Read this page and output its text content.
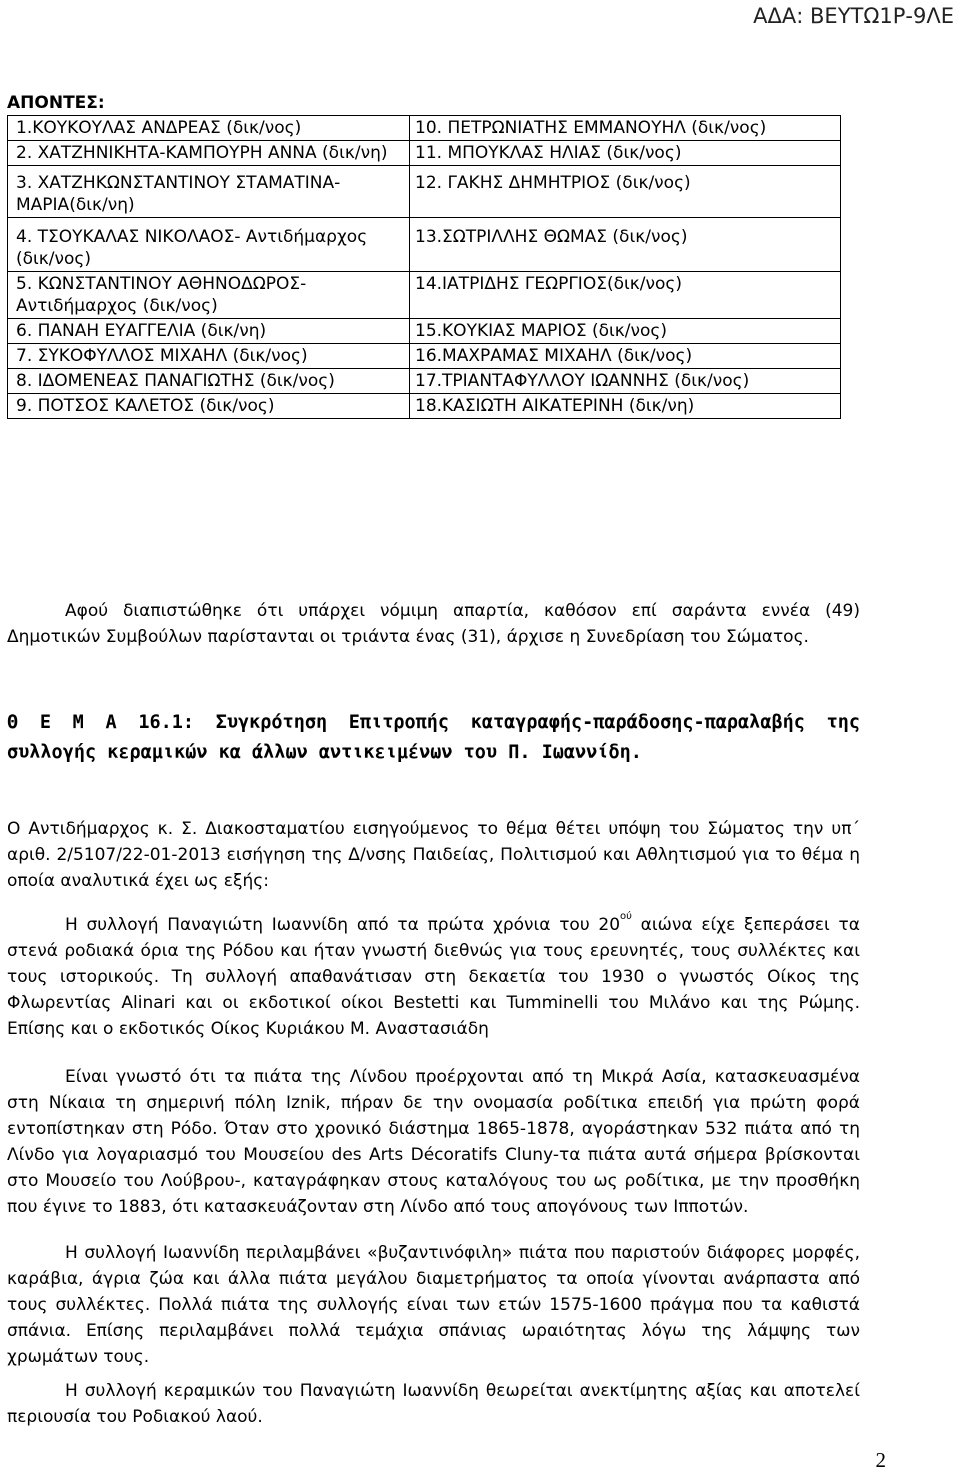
ΑΔΑ: ΒΕΥΤΩ1Ρ-9ΛΕ
ΑΠΟΝΤΕΣ:
1.ΚΟΥΚΟΥΛΑΣ ΑΝΔΡΕΑΣ (δικ/νος)	10. ΠΕΤΡΩΝΙΑΤΗΣ ΕΜΜΑΝΟΥΗΛ (δικ/νος)
2. ΧΑΤΖΗΝΙΚΗΤΑ-ΚΑΜΠΟΥΡΗ ΑΝΝΑ (δικ/νη)	11. ΜΠΟΥΚΛΑΣ ΗΛΙΑΣ (δικ/νος)
3. ΧΑΤΖΗΚΩΝΣΤΑΝΤΙΝΟΥ ΣΤΑΜΑΤΙΝΑ-ΜΑΡΙΑ(δικ/νη)	12. ΓΑΚΗΣ ΔΗΜΗΤΡΙΟΣ (δικ/νος)
4. ΤΣΟΥΚΑΛΑΣ ΝΙΚΟΛΑΟΣ- Αντιδήμαρχος (δικ/νος)	13.ΣΩΤΡΙΛΛΗΣ ΘΩΜΑΣ (δικ/νος)
5. ΚΩΝΣΤΑΝΤΙΝΟΥ ΑΘΗΝΟΔΩΡΟΣ- Αντιδήμαρχος (δικ/νος)	14.ΙΑΤΡΙΔΗΣ ΓΕΩΡΓΙΟΣ(δικ/νος)
6. ΠΑΝΑΗ ΕΥΑΓΓΕΛΙΑ (δικ/νη)	15.ΚΟΥΚΙΑΣ ΜΑΡΙΟΣ (δικ/νος)
7. ΣΥΚΟΦΥΛΛΟΣ ΜΙΧΑΗΛ (δικ/νος)	16.ΜΑΧΡΑΜΑΣ ΜΙΧΑΗΛ (δικ/νος)
8. ΙΔΟΜΕΝΕΑΣ ΠΑΝΑΓΙΩΤΗΣ (δικ/νος)	17.ΤΡΙΑΝΤΑΦΥΛΛΟΥ ΙΩΑΝΝΗΣ (δικ/νος)
9. ΠΟΤΣΟΣ ΚΑΛΕΤΟΣ (δικ/νος)	18.ΚΑΣΙΩΤΗ ΑΙΚΑΤΕΡΙΝΗ (δικ/νη)
Αφού διαπιστώθηκε ότι υπάρχει νόμιμη απαρτία, καθόσον επί σαράντα εννέα (49) Δημοτικών Συμβούλων παρίστανται οι τριάντα ένας (31), άρχισε η Συνεδρίαση του Σώματος.
Θ Ε Μ Α 16.1: Συγκρότηση Επιτροπής καταγραφής-παράδοσης-παραλαβής της συλλογής κεραμικών κα άλλων αντικειμένων του Π. Ιωαννίδη.
Ο Αντιδήμαρχος κ. Σ. Διακοσταματίου εισηγούμενος το θέμα θέτει υπόψη του Σώματος την υπ΄ αριθ. 2/5107/22-01-2013 εισήγηση της Δ/νσης Παιδείας, Πολιτισμού και Αθλητισμού για το θέμα η οποία αναλυτικά έχει ως εξής:
Η συλλογή Παναγιώτη Ιωαννίδη από τα πρώτα χρόνια του $20^{oύ}$ αιώνα είχε ξεπεράσει τα στενά ροδιακά όρια της Ρόδου και ήταν γνωστή διεθνώς για τους ερευνητές, τους συλλέκτες και τους ιστορικούς. Τη συλλογή απαθανάτισαν στη δεκαετία του 1930 ο γνωστός Οίκος της Φλωρεντίας Alinari και οι εκδοτικοί οίκοι Bestetti και Tumminelli του Μιλάνο και της Ρώμης. Επίσης και ο εκδοτικός Οίκος Κυριάκου Μ. Αναστασιάδη
Είναι γνωστό ότι τα πιάτα της Λίνδου προέρχονται από τη Μικρά Ασία, κατασκευασμένα στη Νίκαια τη σημερινή πόλη Iznik, πήραν δε την ονομασία ροδίτικα επειδή για πρώτη φορά εντοπίστηκαν στη Ρόδο. Όταν στο χρονικό διάστημα 1865-1878, αγοράστηκαν 532 πιάτα από τη Λίνδο για λογαριασμό του Μουσείου des Arts Décoratifs Cluny-τα πιάτα αυτά σήμερα βρίσκονται στο Μουσείο του Λούβρου-, καταγράφηκαν στους καταλόγους του ως ροδίτικα, με την προσθήκη που έγινε το 1883, ότι κατασκευάζονταν στη Λίνδο από τους απογόνους των Ιπποτών.
Η συλλογή Ιωαννίδη περιλαμβάνει «βυζαντινόφιλη» πιάτα που παριστούν διάφορες μορφές, καράβια, άγρια ζώα και άλλα πιάτα μεγάλου διαμετρήματος τα οποία γίνονται ανάρπαστα από τους συλλέκτες. Πολλά πιάτα της συλλογής είναι των ετών 1575-1600 πράγμα που τα καθιστά σπάνια. Επίσης περιλαμβάνει πολλά τεμάχια σπάνιας ωραιότητας λόγω της λάμψης των χρωμάτων τους.
Η συλλογή κεραμικών του Παναγιώτη Ιωαννίδη θεωρείται ανεκτίμητης αξίας και αποτελεί περιουσία του Ροδιακού λαού.
2
